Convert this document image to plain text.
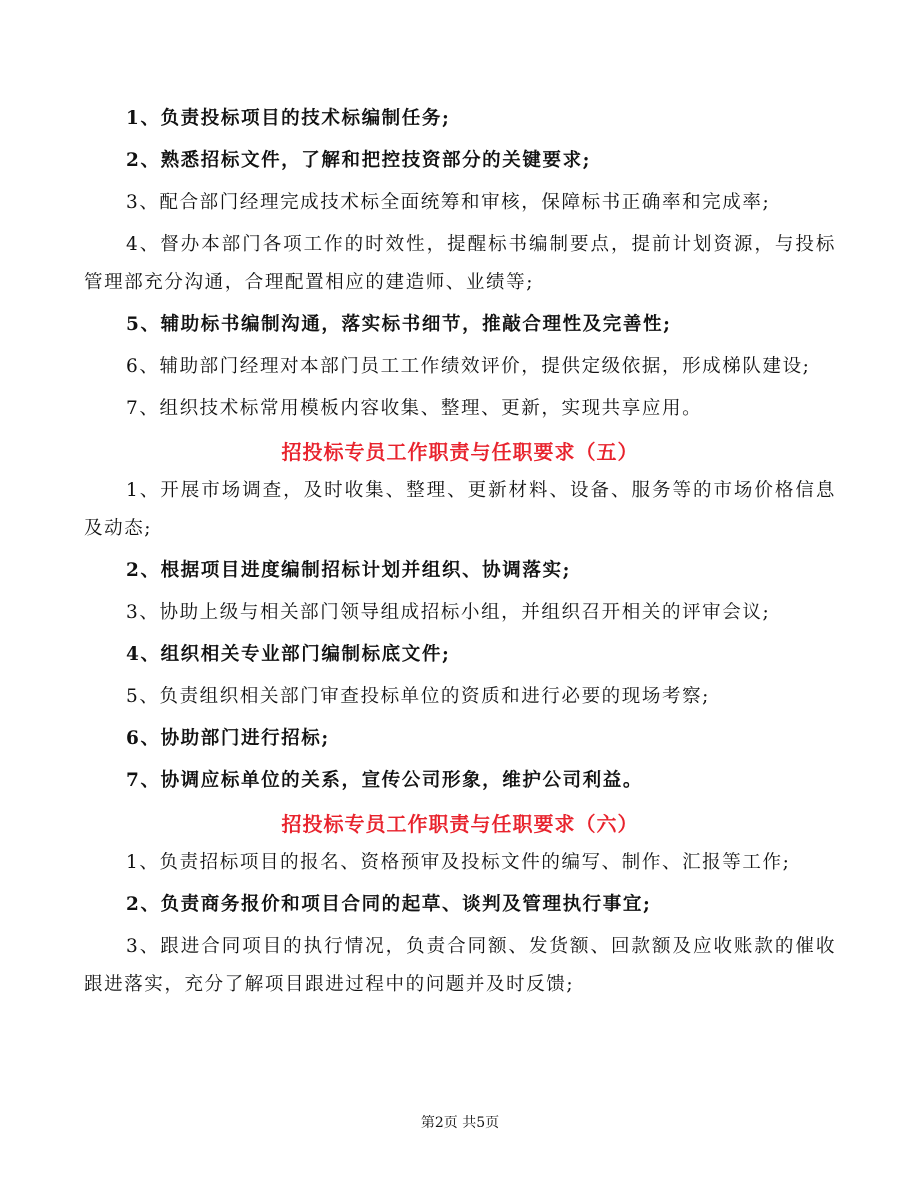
1、负责投标项目的技术标编制任务;

2、熟悉招标文件，了解和把控技资部分的关键要求;

3、配合部门经理完成技术标全面统筹和审核，保障标书正确率和完成率;

4、督办本部门各项工作的时效性，提醒标书编制要点，提前计划资源，与投标管理部充分沟通，合理配置相应的建造师、业绩等;

5、辅助标书编制沟通，落实标书细节，推敲合理性及完善性;

6、辅助部门经理对本部门员工工作绩效评价，提供定级依据，形成梯队建设;

7、组织技术标常用模板内容收集、整理、更新，实现共享应用。

招投标专员工作职责与任职要求（五）

1、开展市场调查，及时收集、整理、更新材料、设备、服务等的市场价格信息及动态;

2、根据项目进度编制招标计划并组织、协调落实;

3、协助上级与相关部门领导组成招标小组，并组织召开相关的评审会议;

4、组织相关专业部门编制标底文件;

5、负责组织相关部门审查投标单位的资质和进行必要的现场考察;

6、协助部门进行招标;

7、协调应标单位的关系，宣传公司形象，维护公司利益。

招投标专员工作职责与任职要求（六）

1、负责招标项目的报名、资格预审及投标文件的编写、制作、汇报等工作;

2、负责商务报价和项目合同的起草、谈判及管理执行事宜;

3、跟进合同项目的执行情况，负责合同额、发货额、回款额及应收账款的催收跟进落实，充分了解项目跟进过程中的问题并及时反馈;

第2页 共5页
